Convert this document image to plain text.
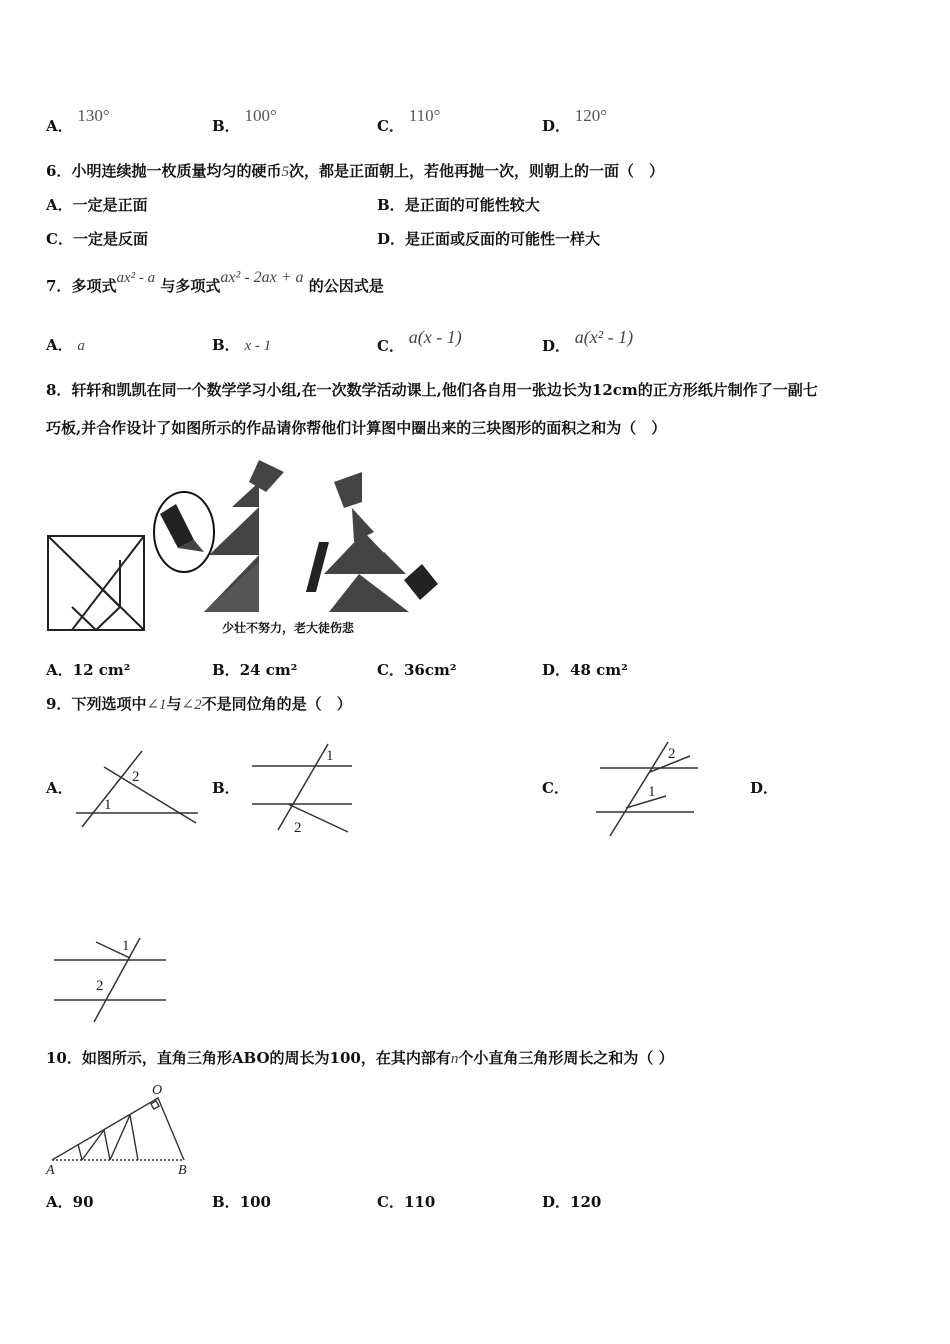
A． 130°
B． 100°
C． 110°
D． 120°
6．小明连续抛一枚质量均匀的硬币5次，都是正面朝上，若他再抛一次，则朝上的一面（　）
A．一定是正面	B．是正面的可能性较大
C．一定是反面	D．是正面或反面的可能性一样大
7．多项式ax² - a 与多项式ax² - 2ax + a 的公因式是
A． a	B． x - 1	C． a(x - 1)	D． a(x² - 1)
8．轩轩和凯凯在同一个数学学习小组,在一次数学活动课上,他们各自用一张边长为12cm的正方形纸片制作了一副七
巧板,并合作设计了如图所示的作品请你帮他们计算图中圈出来的三块图形的面积之和为（　）
少壮不努力，老大徒伤悲
A．12 cm²	B．24 cm²	C．36cm²	D．48 cm²
9．下列选项中∠1与∠2不是同位角的是（　）
A．
2
1
B．
1
2
C．
2
1	D．
1
2
10．如图所示，直角三角形ABO的周长为100，在其内部有n个小直角三角形周长之和为（ ）
O
A	B
A．90	B．100	C．110	D．120
